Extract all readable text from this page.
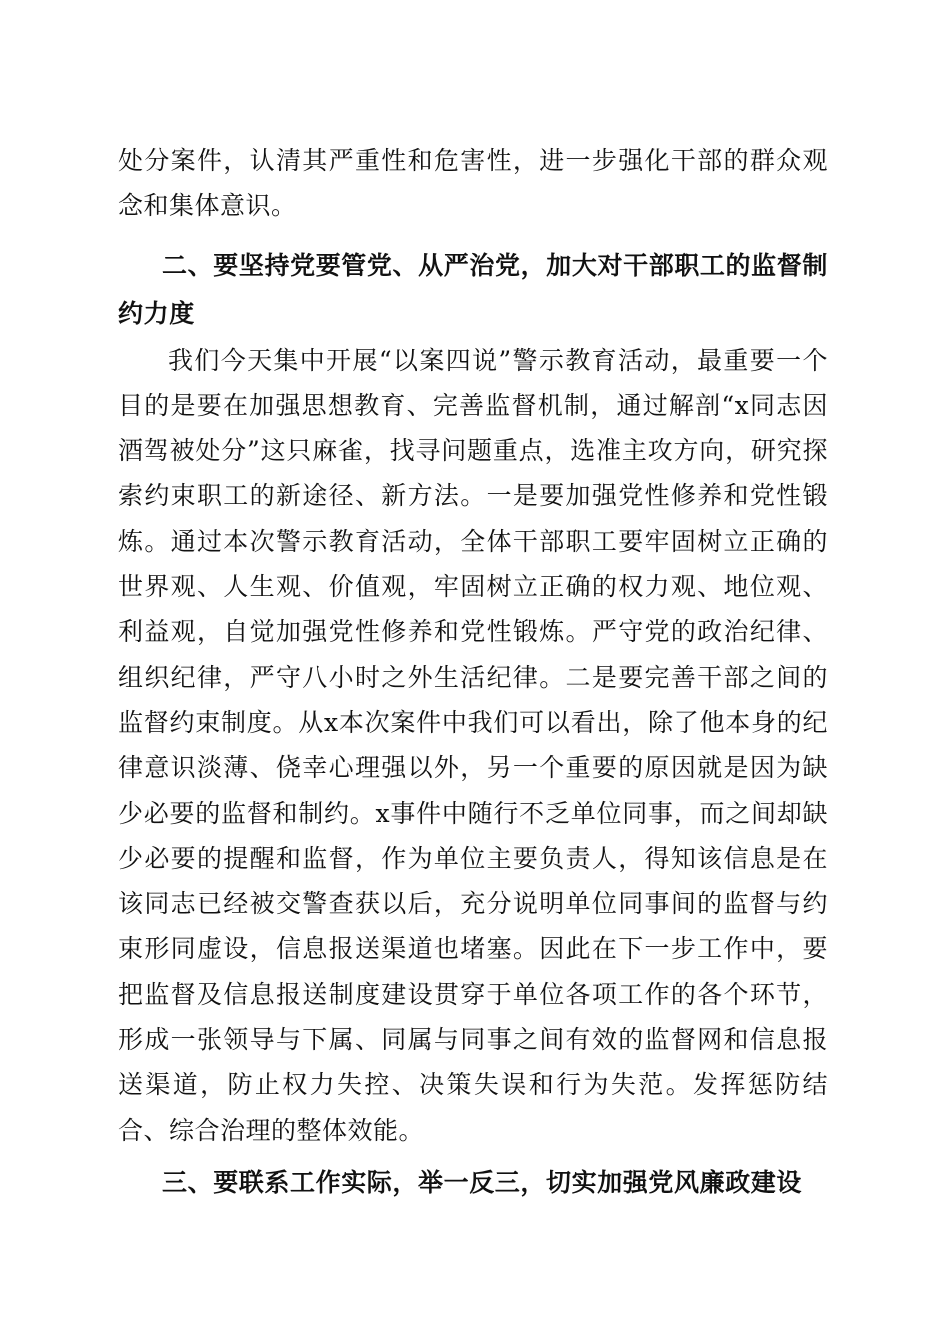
处分案件，认清其严重性和危害性，进一步强化干部的群众观念和集体意识。

二、要坚持党要管党、从严治党，加大对干部职工的监督制约力度

我们今天集中开展“以案四说”警示教育活动，最重要一个目的是要在加强思想教育、完善监督机制，通过解剖“x同志因酒驾被处分”这只麻雀，找寻问题重点，选准主攻方向，研究探索约束职工的新途径、新方法。一是要加强党性修养和党性锻炼。通过本次警示教育活动，全体干部职工要牢固树立正确的世界观、人生观、价值观，牢固树立正确的权力观、地位观、利益观，自觉加强党性修养和党性锻炼。严守党的政治纪律、组织纪律，严守八小时之外生活纪律。二是要完善干部之间的监督约束制度。从x本次案件中我们可以看出，除了他本身的纪律意识淡薄、侥幸心理强以外，另一个重要的原因就是因为缺少必要的监督和制约。x事件中随行不乏单位同事，而之间却缺少必要的提醒和监督，作为单位主要负责人，得知该信息是在该同志已经被交警查获以后，充分说明单位同事间的监督与约束形同虚设，信息报送渠道也堵塞。因此在下一步工作中，要把监督及信息报送制度建设贯穿于单位各项工作的各个环节，形成一张领导与下属、同属与同事之间有效的监督网和信息报送渠道，防止权力失控、决策失误和行为失范。发挥惩防结合、综合治理的整体效能。

三、要联系工作实际，举一反三，切实加强党风廉政建设
